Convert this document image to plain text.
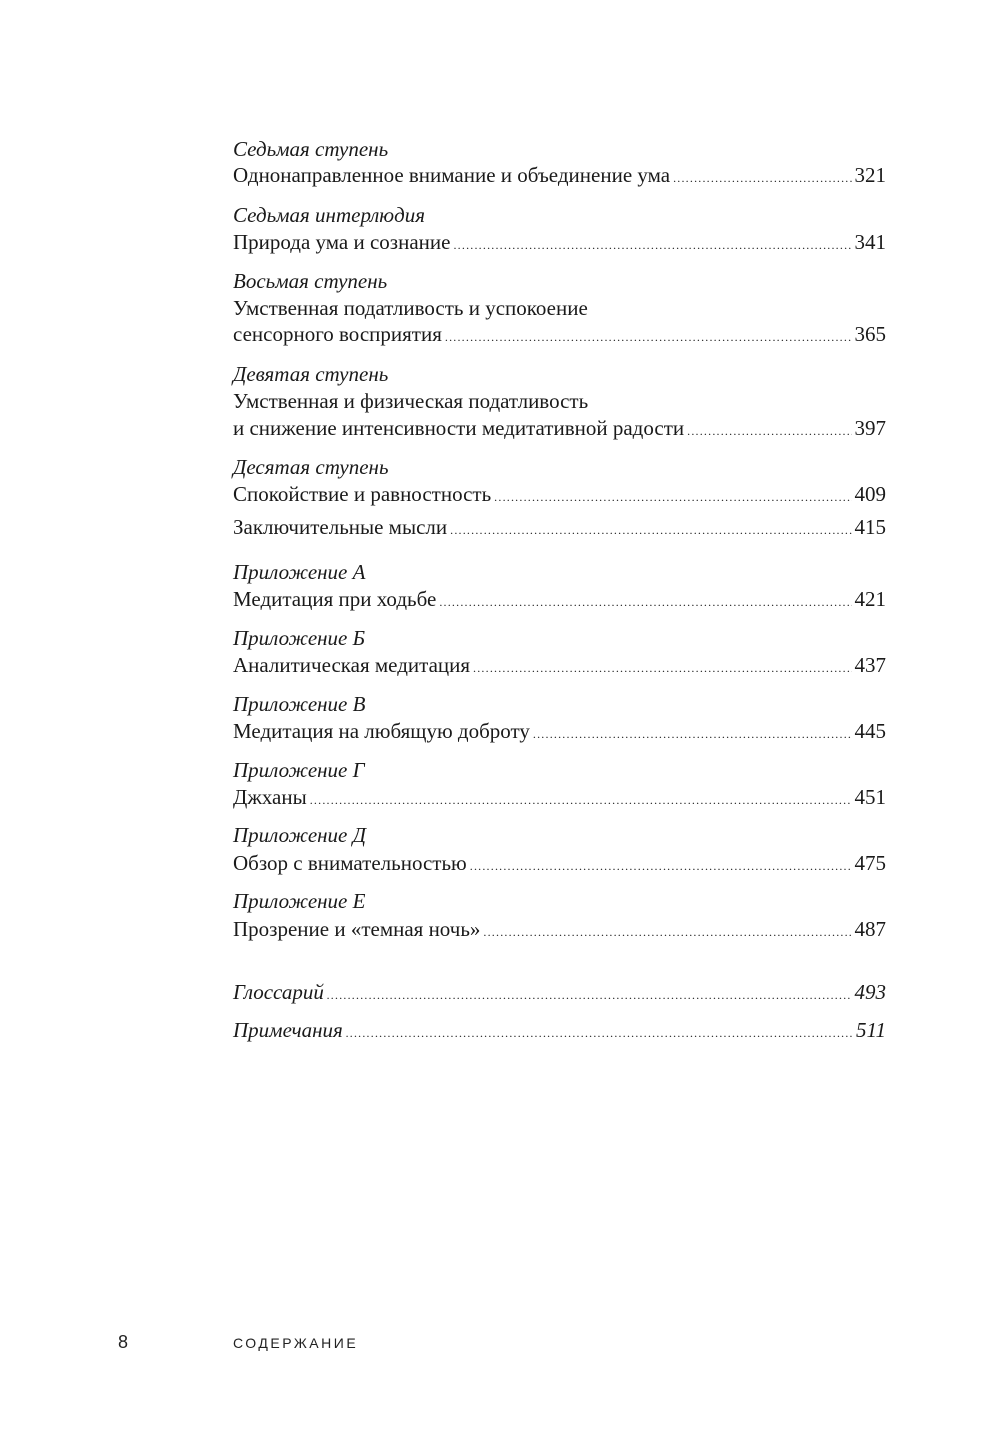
Седьмая ступень
Однонаправленное внимание и объединение ума .....	321
Седьмая интерлюдия
Природа ума и сознание .....	341
Восьмая ступень
Умственная податливость и успокоение
сенсорного восприятия .....	365
Девятая ступень
Умственная и физическая податливость
и снижение интенсивности медитативной радости .....	397
Десятая ступень
Спокойствие и равностность .....	409
Заключительные мысли .....	415
Приложение А
Медитация при ходьбе .....	421
Приложение Б
Аналитическая медитация .....	437
Приложение В
Медитация на любящую доброту .....	445
Приложение Г
Джханы .....	451
Приложение Д
Обзор с внимательностью .....	475
Приложение Е
Прозрение и «темная ночь» .....	487
Глоссарий .....	493
Примечания .....	511
8	СОДЕРЖАНИЕ
